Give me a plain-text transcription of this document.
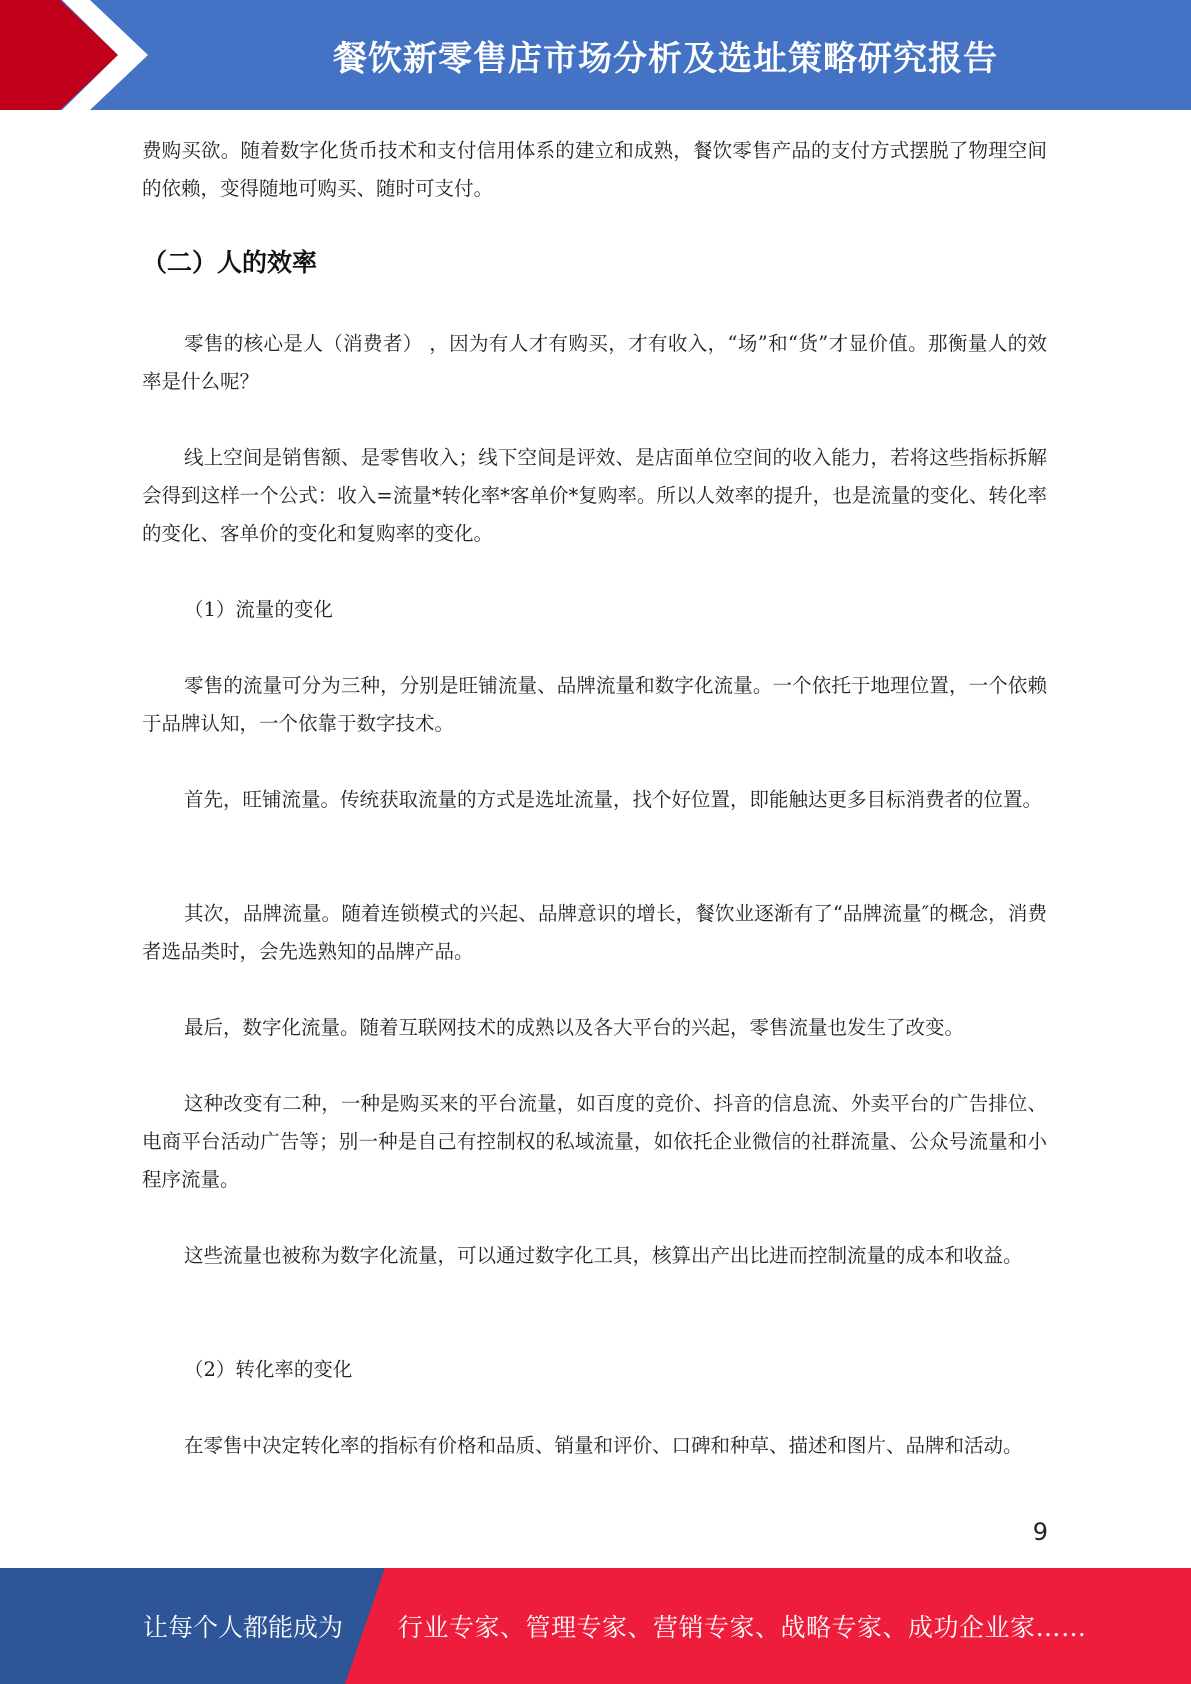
餐饮新零售店市场分析及选址策略研究报告

费购买欲。随着数字化货币技术和支付信用体系的建立和成熟，餐饮零售产品的支付方式摆脱了物理空间的依赖，变得随地可购买、随时可支付。

（二）人的效率

零售的核心是人（消费者） ，因为有人才有购买，才有收入，“场”和“货”才显价值。那衡量人的效率是什么呢？

线上空间是销售额、是零售收入；线下空间是评效、是店面单位空间的收入能力，若将这些指标拆解会得到这样一个公式：收入=流量*转化率*客单价*复购率。所以人效率的提升，也是流量的变化、转化率的变化、客单价的变化和复购率的变化。

（1）流量的变化

零售的流量可分为三种，分别是旺铺流量、品牌流量和数字化流量。一个依托于地理位置，一个依赖于品牌认知，一个依靠于数字技术。

首先，旺铺流量。传统获取流量的方式是选址流量，找个好位置，即能触达更多目标消费者的位置。

其次，品牌流量。随着连锁模式的兴起、品牌意识的增长，餐饮业逐渐有了“品牌流量″的概念，消费者选品类时，会先选熟知的品牌产品。

最后，数字化流量。随着互联网技术的成熟以及各大平台的兴起，零售流量也发生了改变。

这种改变有二种，一种是购买来的平台流量，如百度的竞价、抖音的信息流、外卖平台的广告排位、电商平台活动广告等；别一种是自己有控制权的私域流量，如依托企业微信的社群流量、公众号流量和小程序流量。

这些流量也被称为数字化流量，可以通过数字化工具，核算出产出比进而控制流量的成本和收益。

（2）转化率的变化

在零售中决定转化率的指标有价格和品质、销量和评价、口碑和种草、描述和图片、品牌和活动。

9
让每个人都能成为 行业专家、管理专家、营销专家、战略专家、成功企业家……
